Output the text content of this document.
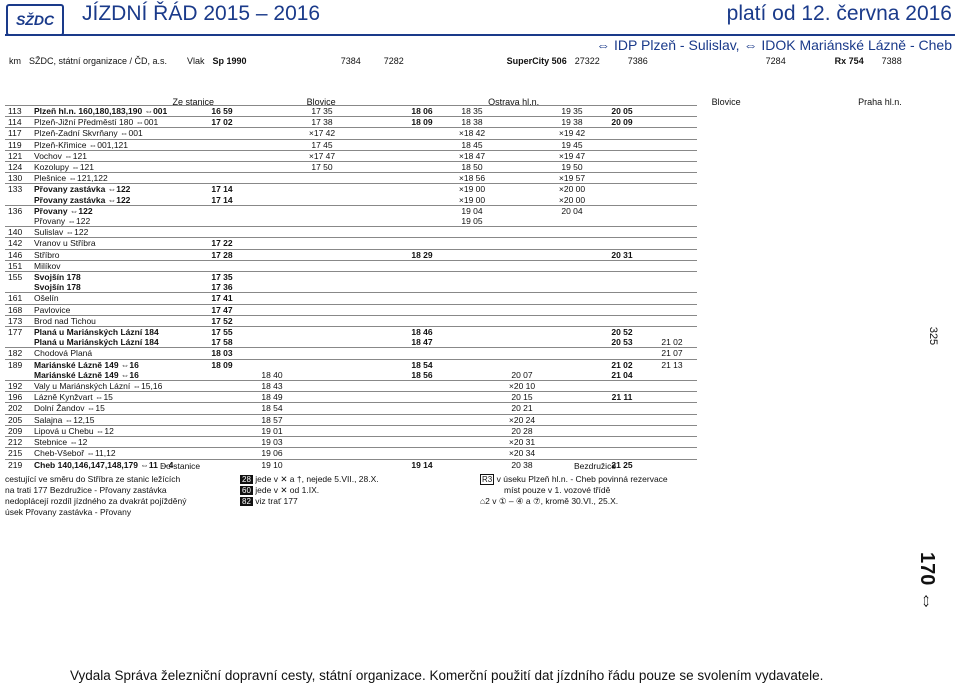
SŽDC JÍZDNÍ ŘÁD 2015 – 2016	platí od 12. června 2016
⇔ IDP Plzeň - Sulislav, ⇔ IDOK Mariánské Lázně - Cheb
km	SŽDC, státní organizace / ČD, a.s.	Vlak	Sp 1990	7384	7282	SuperCity 506	27322	7386	7284	Rx 754	7388
			Ze stanice Blovice Ostrava hl.n. Blovice Praha hl.n.								
113	Plzeň hl.n. 160,180,183,190 ⇔001	16 59		17 35		18 06	18 35		19 35	20 05	
114	Plzeň-Jižní Předměstí 180 ⇔001	17 02		17 38		18 09	18 38		19 38	20 09	
117	Plzeň-Zadní Skvrňany ⇔001			×17 42			×18 42		×19 42		
119	Plzeň-Křimice ⇔001,121			17 45			18 45		19 45		
121	Vochov ⇔121			×17 47			×18 47		×19 47		
124	Kozolupy ⇔121			17 50			18 50		19 50		
130	Plešnice ⇔121,122						×18 56		×19 57		
133	Přovany zastávka ⇔122	17 14					×19 00		×20 00		
	Přovany zastávka ⇔122	17 14					×19 00		×20 00		
136	Přovany ⇔122						19 04		20 04		
	Přovany ⇔122						19 05				
140	Sulislav ⇔122										
142	Vranov u Stříbra	17 22									
146	Stříbro	17 28				18 29				20 31	
151	Milíkov										
155	Svojšín 178	17 35									
	Svojšín 178	17 36									
161	Ošelín	17 41									
168	Pavlovice	17 47									
173	Brod nad Tichou	17 52									
177	Planá u Mariánských Lázní 184	17 55				18 46				20 52	
	Planá u Mariánských Lázní 184	17 58				18 47				20 53	21 02
182	Chodová Planá	18 03									21 07
189	Mariánské Lázně 149 ⇔16	18 09				18 54				21 02	21 13
	Mariánské Lázně 149 ⇔16		18 40			18 56		20 07		21 04	
192	Valy u Mariánských Lázní ⇔15,16		18 43					×20 10			
196	Lázně Kynžvart ⇔15		18 49					20 15		21 11	
202	Dolní Žandov ⇔15		18 54					20 21			
205	Salajna ⇔12,15		18 57					×20 24			
209	Lipová u Chebu ⇔12		19 01					20 28			
212	Stebnice ⇔12		19 03					×20 31			
215	Cheb-Všeboř ⇔11,12		19 06					×20 34			
219	Cheb 140,146,147,148,179 ⇔11 ⇔4		19 10			19 14		20 38		21 25	
Do stanice	Bezdružice
cestující ve směru do Stříbra ze stanic ležících
na trati 177 Bezdružice - Přovany zastávka
nedoplácejí rozdíl jízdného za dvakrát pojížděný
úsek Přovany zastávka - Přovany
28 jede v ✕ a †, nejede 5.VII., 28.X.
60 jede v ✕ od 1.IX.
82 viz trať 177
R3 v úseku Plzeň hl.n. - Cheb povinná rezervace
míst pouze v 1. vozové třídě
⌂2 v ① – ④ a ⑦, kromě 30.VI., 25.X.
Vydala Správa železniční dopravní cesty, státní organizace. Komerční použití dat jízdního řádu pouze se svolením vydavatele.
325
170 ⇔
